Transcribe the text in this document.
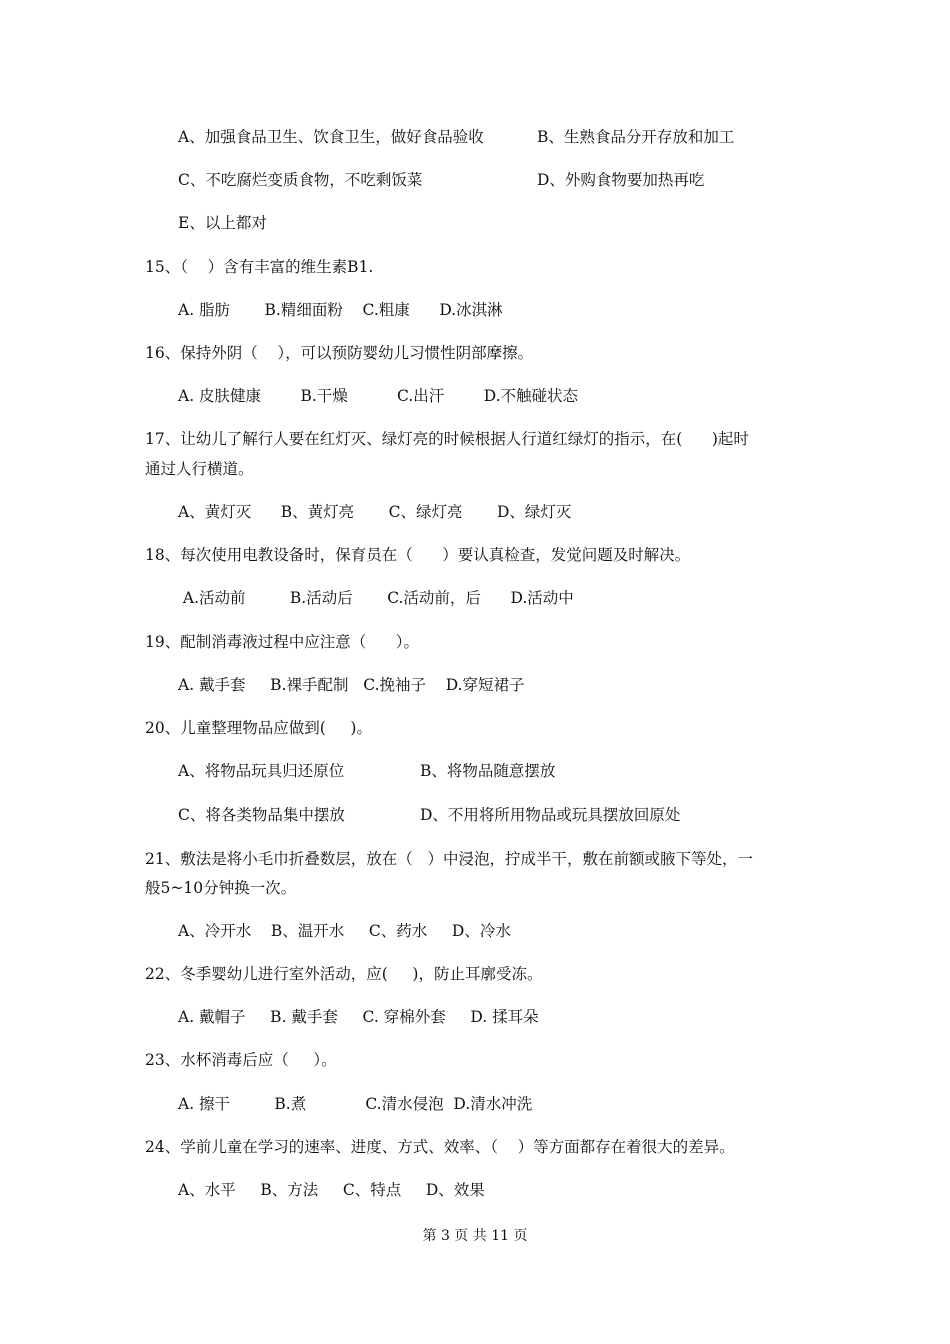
A、加强食品卫生、饮食卫生，做好食品验收	B、生熟食品分开存放和加工
C、不吃腐烂变质食物，不吃剩饭菜	D、外购食物要加热再吃
E、以上都对
15、（    ）含有丰富的维生素B1.
A. 脂肪       B.精细面粉    C.粗康      D.冰淇淋
16、保持外阴（    ），可以预防婴幼儿习惯性阴部摩擦。
A. 皮肤健康        B.干燥          C.出汗        D.不触碰状态
17、让幼儿了解行人要在红灯灭、绿灯亮的时候根据人行道红绿灯的指示，在(      )起时
通过人行横道。
A、黄灯灭      B、黄灯亮       C、绿灯亮       D、绿灯灭
18、每次使用电教设备时，保育员在（      ）要认真检查，发觉问题及时解决。
A.活动前         B.活动后       C.活动前，后      D.活动中
19、配制消毒液过程中应注意（      ）。
A. 戴手套     B.裸手配制   C.挽袖子    D.穿短裙子
20、儿童整理物品应做到(     )。
A、将物品玩具归还原位	B、将物品随意摆放
C、将各类物品集中摆放	D、不用将所用物品或玩具摆放回原处
21、敷法是将小毛巾折叠数层，放在（   ）中浸泡，拧成半干，敷在前额或腋下等处，一
般5~10分钟换一次。
A、冷开水    B、温开水     C、药水     D、冷水
22、冬季婴幼儿进行室外活动，应(     )，防止耳廓受冻。
A. 戴帽子     B. 戴手套     C. 穿棉外套     D. 揉耳朵
23、水杯消毒后应（     ）。
A. 擦干         B.煮            C.清水侵泡  D.清水冲洗
24、学前儿童在学习的速率、进度、方式、效率、（    ）等方面都存在着很大的差异。
A、水平     B、方法     C、特点     D、效果
第 3 页 共 11 页
